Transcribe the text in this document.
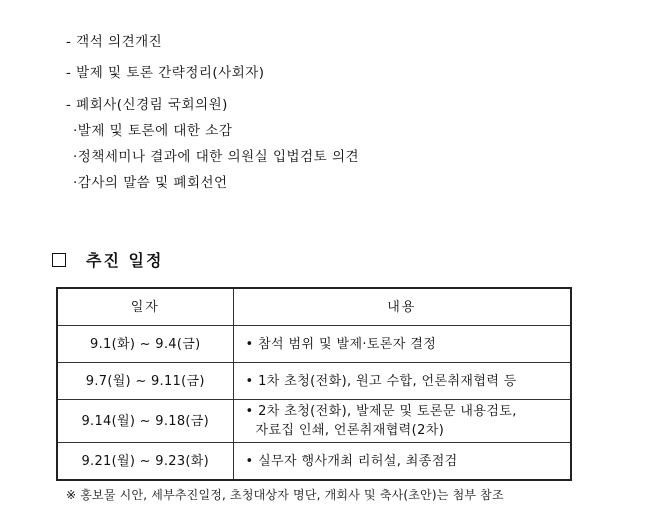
- 객석 의견개진
- 발제 및 토론 간략정리(사회자)
- 폐회사(신경림 국회의원)
·발제 및 토론에 대한 소감
·정책세미나 결과에 대한 의원실 입법검토 의견
·감사의 말씀 및 폐회선언
추진 일정
일자	내용
9.1(화) ~ 9.4(금)	• 참석 범위 및 발제·토론자 결정
9.7(월) ~ 9.11(금)	• 1차 초청(전화), 원고 수합, 언론취재협력 등
9.14(월) ~ 9.18(금)	• 2차 초청(전화), 발제문 및 토론문 내용검토,
자료집 인쇄, 언론취재협력(2차)

9.21(월) ~ 9.23(화)	• 실무자 행사개최 리허설, 최종점검
※ 홍보물 시안, 세부추진일정, 초청대상자 명단, 개회사 및 축사(초안)는 첨부 참조
